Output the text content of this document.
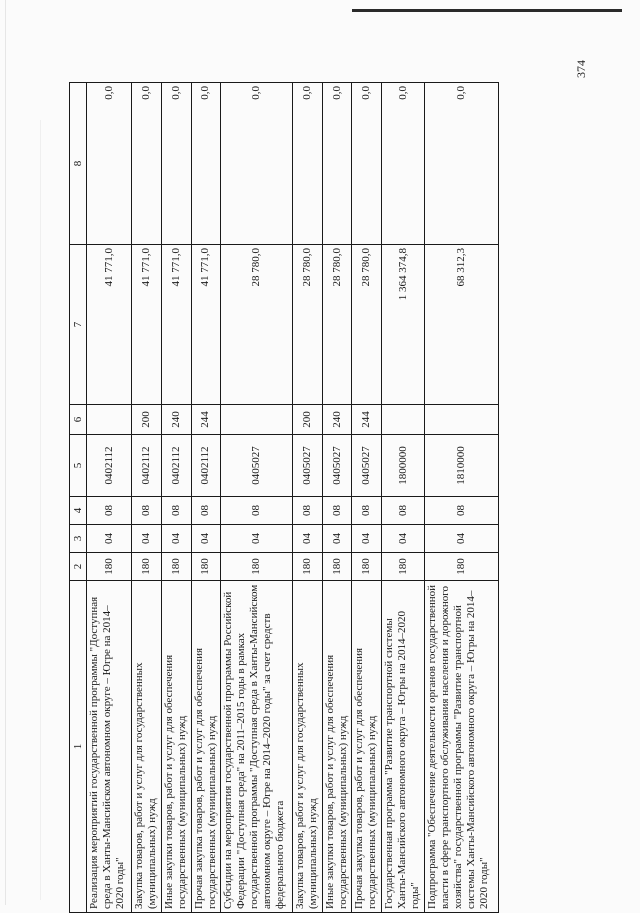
374
1	2	3	4	5	6	7	8
Реализация мероприятий государственной программы "Доступная среда в Ханты-Мансийском автономном округе – Югре на 2014–2020 годы"	180	04	08	0402112		41 771,0	0,0
Закупка товаров, работ и услуг для государственных (муниципальных) нужд	180	04	08	0402112	200	41 771,0	0,0
Иные закупки товаров, работ и услуг для обеспечения государственных (муниципальных) нужд	180	04	08	0402112	240	41 771,0	0,0
Прочая закупка товаров, работ и услуг для обеспечения государственных (муниципальных) нужд	180	04	08	0402112	244	41 771,0	0,0
Субсидии на мероприятия государственной программы Российской Федерации "Доступная среда" на 2011–2015 годы в рамках государственной программы "Доступная среда в Ханты-Мансийском автономном округе – Югре на 2014–2020 годы" за счет средств федерального бюджета	180	04	08	0405027		28 780,0	0,0
Закупка товаров, работ и услуг для государственных (муниципальных) нужд	180	04	08	0405027	200	28 780,0	0,0
Иные закупки товаров, работ и услуг для обеспечения государственных (муниципальных) нужд	180	04	08	0405027	240	28 780,0	0,0
Прочая закупка товаров, работ и услуг для обеспечения государственных (муниципальных) нужд	180	04	08	0405027	244	28 780,0	0,0
Государственная программа "Развитие транспортной системы Ханты-Мансийского автономного округа – Югры на 2014–2020 годы"	180	04	08	1800000		1 364 374,8	0,0
Подпрограмма "Обеспечение деятельности органов государственной власти в сфере транспортного обслуживания населения и дорожного хозяйства" государственной программы "Развитие транспортной системы Ханты-Мансийского автономного округа – Югры на 2014–2020 годы"	180	04	08	1810000		68 312,3	0,0
